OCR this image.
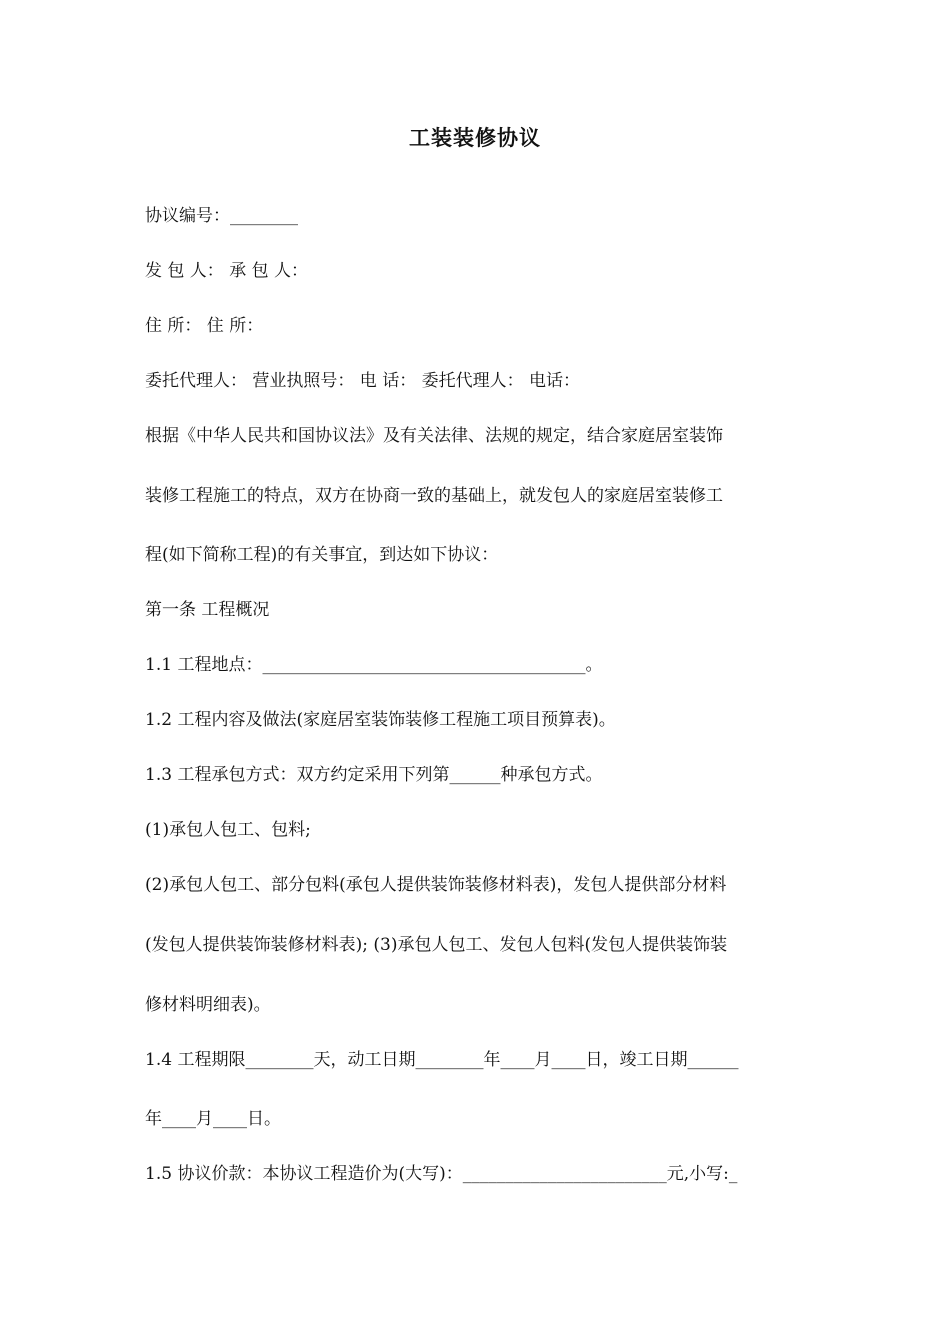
工装装修协议
协议编号：________
发 包 人： 承 包 人：
住 所： 住 所：
委托代理人： 营业执照号： 电 话： 委托代理人： 电话：
根据《中华人民共和国协议法》及有关法律、法规的规定，结合家庭居室装饰
装修工程施工的特点，双方在协商一致的基础上，就发包人的家庭居室装修工
程(如下简称工程)的有关事宜，到达如下协议：
第一条 工程概况
1.1 工程地点：______________________________________。
1.2 工程内容及做法(家庭居室装饰装修工程施工项目预算表)。
1.3 工程承包方式：双方约定采用下列第______种承包方式。
(1)承包人包工、包料;
(2)承包人包工、部分包料(承包人提供装饰装修材料表)，发包人提供部分材料
(发包人提供装饰装修材料表); (3)承包人包工、发包人包料(发包人提供装饰装
修材料明细表)。
1.4 工程期限________天，动工日期________年____月____日，竣工日期______
年____月____日。
1.5 协议价款：本协议工程造价为(大写)：________________________元,小写:_
